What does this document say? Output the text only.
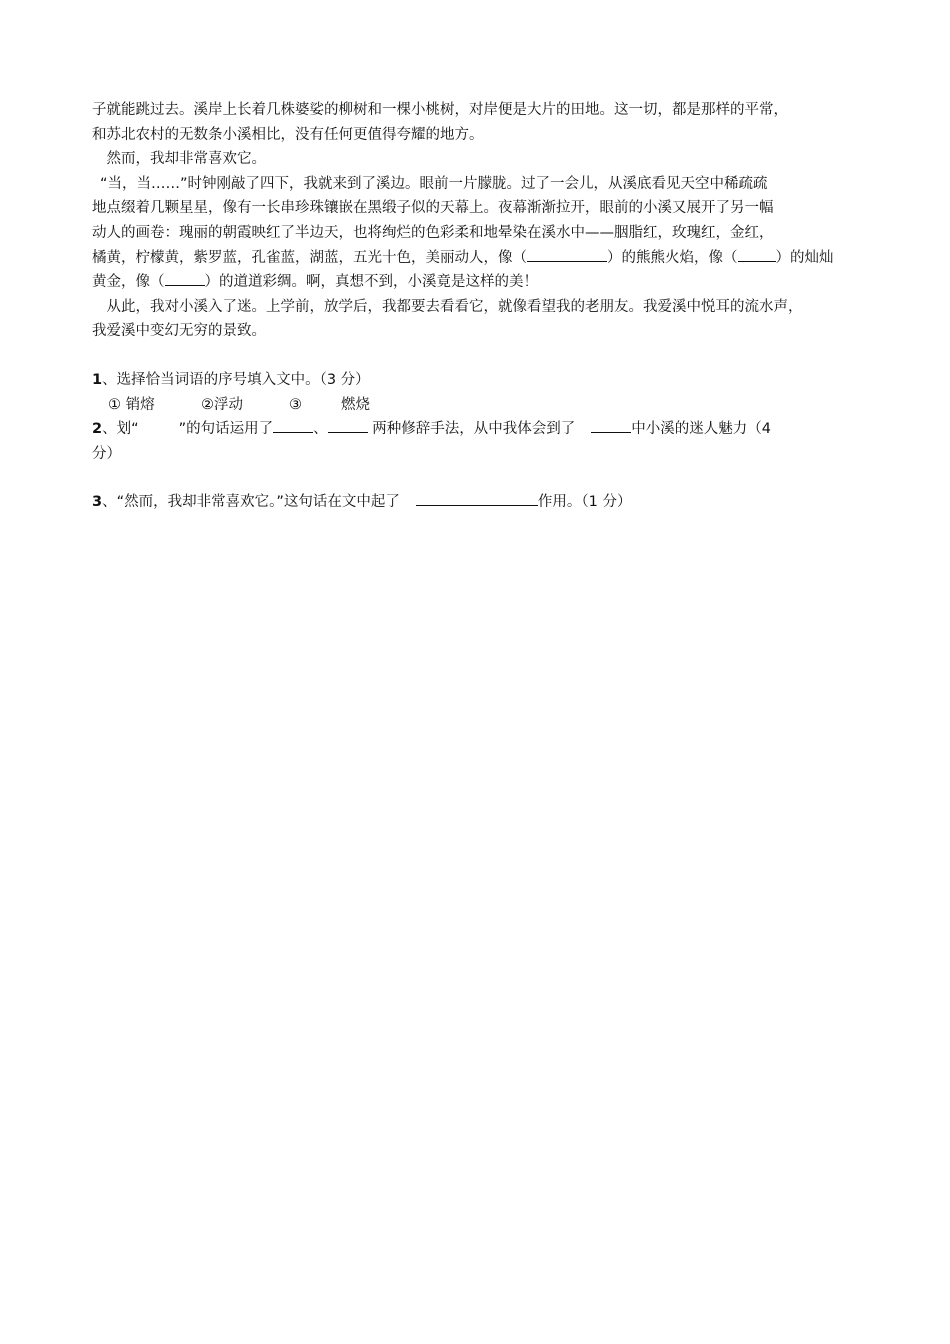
子就能跳过去。溪岸上长着几株婆娑的柳树和一棵小桃树，对岸便是大片的田地。这一切，都是那样的平常，
和苏北农村的无数条小溪相比，没有任何更值得夸耀的地方。

然而，我却非常喜欢它。

“当，当……”时钟刚敲了四下，我就来到了溪边。眼前一片朦胧。过了一会儿，从溪底看见天空中稀疏疏
地点缀着几颗星星，像有一长串珍珠镶嵌在黑缎子似的天幕上。夜幕渐渐拉开，眼前的小溪又展开了另一幅
动人的画卷：瑰丽的朝霞映红了半边天，也将绚烂的色彩柔和地晕染在溪水中——胭脂红，玫瑰红，金红，
橘黄，柠檬黄，紫罗蓝，孔雀蓝，湖蓝，五光十色，美丽动人，像（	）的熊熊火焰，像（	）的灿灿
黄金，像（	）的道道彩绸。啊，真想不到，小溪竟是这样的美！

从此，我对小溪入了迷。上学前，放学后，我都要去看看它，就像看望我的老朋友。我爱溪中悦耳的流水声，
我爱溪中变幻无穷的景致。

1、选择恰当词语的序号填入文中。（3 分）
① 销熔	②浮动	③	燃烧
2、划“	”的句话运用了	、	两种修辞手法，从中我体会到了	中小溪的迷人魅力（4
分）
3、“然而，我却非常喜欢它。”这句话在文中起了	作用。（1 分）
